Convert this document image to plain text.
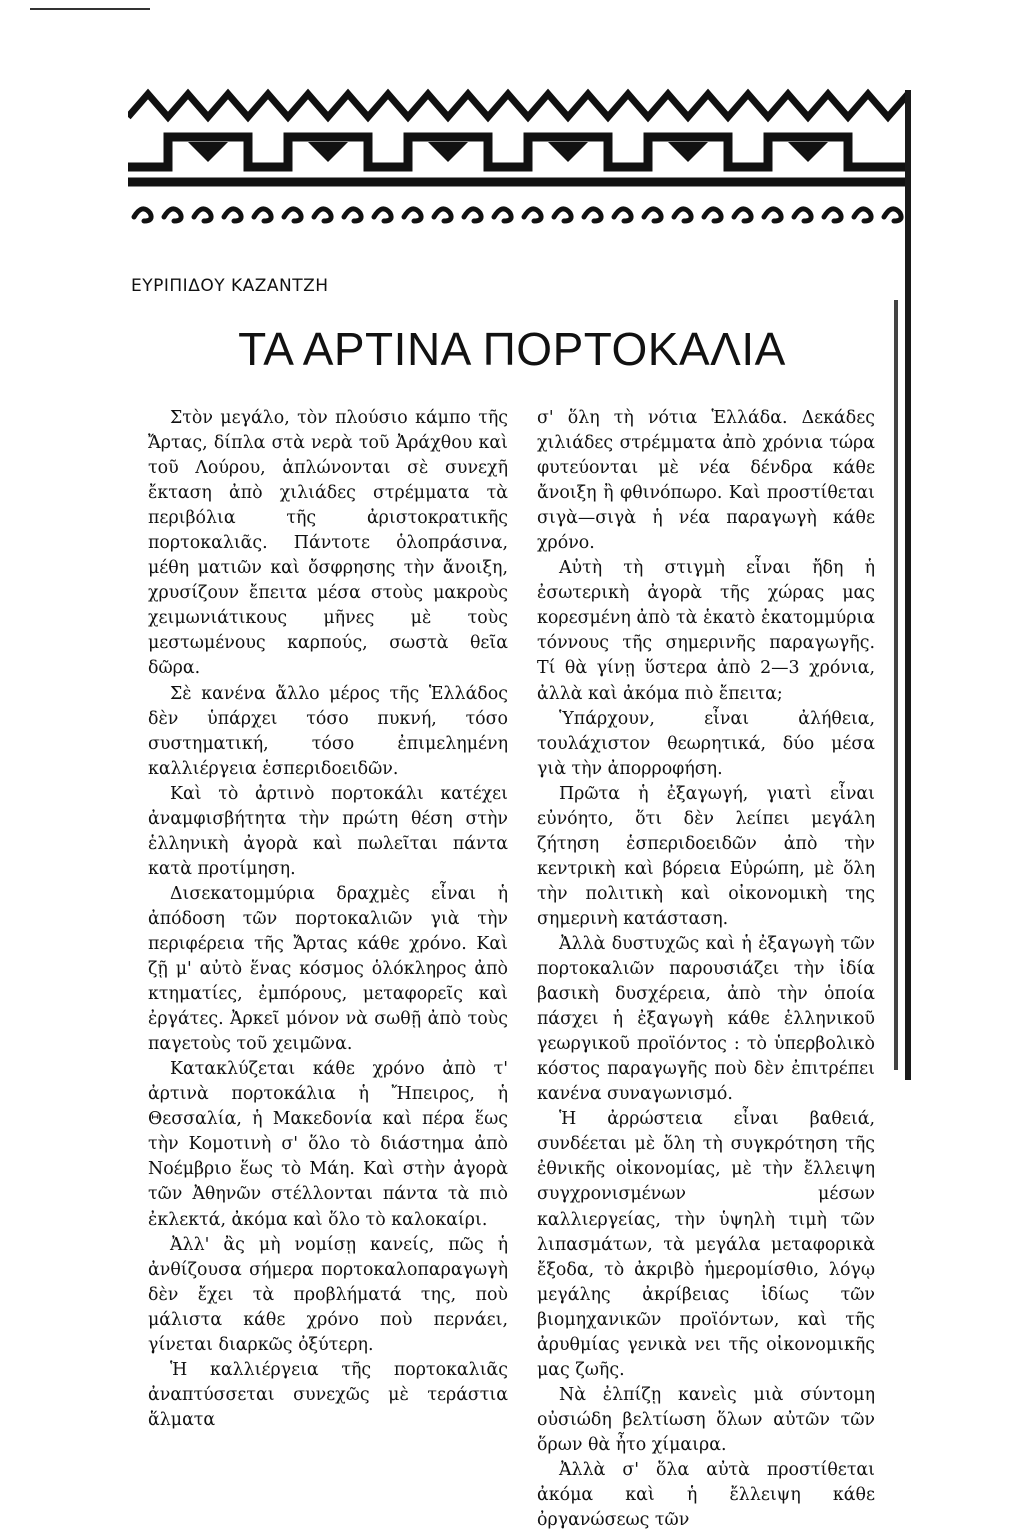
ΕΥΡΙΠΙΔΟΥ ΚΑΖΑΝΤΖΗ
ΤΑ ΑΡΤΙΝΑ ΠΟΡΤΟΚΑΛΙΑ

Στὸν μεγάλο, τὸν πλούσιο κάμπο τῆς Ἄρτας, δίπλα στὰ νερὰ τοῦ Ἀράχθου καὶ τοῦ Λούρου, ἁπλώνονται σὲ συνεχῆ ἔκταση ἀπὸ χιλιάδες στρέμματα τὰ περιβόλια τῆς ἀριστοκρατικῆς πορτοκαλιᾶς. Πάντοτε ὁλοπράσινα, μέθη ματιῶν καὶ ὄσφρησης τὴν ἄνοιξη, χρυσίζουν ἔπειτα μέσα στοὺς μακροὺς χειμωνιάτικους μῆνες μὲ τοὺς μεστωμένους καρπούς, σωστὰ θεῖα δῶρα.

Σὲ κανένα ἄλλο μέρος τῆς Ἑλλάδος δὲν ὑπάρχει τόσο πυκνή, τόσο συστηματική, τόσο ἐπιμελημένη καλλιέργεια ἑσπεριδοειδῶν.

Καὶ τὸ ἀρτινὸ πορτοκάλι κατέχει ἀναμφισβήτητα τὴν πρώτη θέση στὴν ἑλληνικὴ ἀγορὰ καὶ πωλεῖται πάντα κατὰ προτίμηση.

Δισεκατομμύρια δραχμὲς εἶναι ἡ ἀπόδοση τῶν πορτοκαλιῶν γιὰ τὴν περιφέρεια τῆς Ἄρτας κάθε χρόνο. Καὶ ζῇ μ' αὐτὸ ἕνας κόσμος ὁλόκληρος ἀπὸ κτηματίες, ἐμπόρους, μεταφορεῖς καὶ ἐργάτες. Ἀρκεῖ μόνον νὰ σωθῇ ἀπὸ τοὺς παγετοὺς τοῦ χειμῶνα.

Κατακλύζεται κάθε χρόνο ἀπὸ τ' ἀρτινὰ πορτοκάλια ἡ Ἤπειρος, ἡ Θεσσαλία, ἡ Μακεδονία καὶ πέρα ἕως τὴν Κομοτινὴ σ' ὅλο τὸ διάστημα ἀπὸ Νοέμβριο ἕως τὸ Μάη. Καὶ στὴν ἀγορὰ τῶν Ἀθηνῶν στέλλονται πάντα τὰ πιὸ ἐκλεκτά, ἀκόμα καὶ ὅλο τὸ καλοκαίρι.

Ἀλλ' ἂς μὴ νομίσῃ κανείς, πῶς ἡ ἀνθίζουσα σήμερα πορτοκαλοπαραγωγὴ δὲν ἔχει τὰ προβλήματά της, ποὺ μάλιστα κάθε χρόνο ποὺ περνάει, γίνεται διαρκῶς ὀξύτερη.

Ἡ καλλιέργεια τῆς πορτοκαλιᾶς ἀναπτύσσεται συνεχῶς μὲ τεράστια ἅλματα

σ' ὅλη τὴ νότια Ἑλλάδα. Δεκάδες χιλιάδες στρέμματα ἀπὸ χρόνια τώρα φυτεύονται μὲ νέα δένδρα κάθε ἄνοιξη ἢ φθινόπωρο. Καὶ προστίθεται σιγὰ—σιγὰ ἡ νέα παραγωγὴ κάθε χρόνο.

Αὐτὴ τὴ στιγμὴ εἶναι ἤδη ἡ ἐσωτερικὴ ἀγορὰ τῆς χώρας μας κορεσμένη ἀπὸ τὰ ἑκατὸ ἑκατομμύρια τόννους τῆς σημερινῆς παραγωγῆς. Τί θὰ γίνῃ ὕστερα ἀπὸ 2—3 χρόνια, ἀλλὰ καὶ ἀκόμα πιὸ ἔπειτα;

Ὑπάρχουν, εἶναι ἀλήθεια, τουλάχιστον θεωρητικά, δύο μέσα γιὰ τὴν ἀπορροφήση.

Πρῶτα ἡ ἐξαγωγή, γιατὶ εἶναι εὐνόητο, ὅτι δὲν λείπει μεγάλη ζήτηση ἑσπεριδοειδῶν ἀπὸ τὴν κεντρικὴ καὶ βόρεια Εὐρώπη, μὲ ὅλη τὴν πολιτικὴ καὶ οἰκονομικὴ της σημερινὴ κατάσταση.

Ἀλλὰ δυστυχῶς καὶ ἡ ἐξαγωγὴ τῶν πορτοκαλιῶν παρουσιάζει τὴν ἰδία βασικὴ δυσχέρεια, ἀπὸ τὴν ὁποία πάσχει ἡ ἐξαγωγὴ κάθε ἑλληνικοῦ γεωργικοῦ προϊόντος : τὸ ὑπερβολικὸ κόστος παραγωγῆς ποὺ δὲν ἐπιτρέπει κανένα συναγωνισμό.

Ἡ ἀρρώστεια εἶναι βαθειά, συνδέεται μὲ ὅλη τὴ συγκρότηση τῆς ἐθνικῆς οἰκονομίας, μὲ τὴν ἔλλειψη συγχρονισμένων μέσων καλλιεργείας, τὴν ὑψηλὴ τιμὴ τῶν λιπασμάτων, τὰ μεγάλα μεταφορικὰ ἔξοδα, τὸ ἀκριβὸ ἡμερομίσθιο, λόγῳ μεγάλης ἀκρίβειας ἰδίως τῶν βιομηχανικῶν προϊόντων, καὶ τῆς ἀρυθμίας γενικὰ νει τῆς οἰκονομικῆς μας ζωῆς.

Νὰ ἐλπίζῃ κανεὶς μιὰ σύντομη οὐσιώδη βελτίωση ὅλων αὐτῶν τῶν ὅρων θὰ ἦτο χίμαιρα.

Ἀλλὰ σ' ὅλα αὐτὰ προστίθεται ἀκόμα καὶ ἡ ἔλλειψη κάθε ὀργανώσεως τῶν
